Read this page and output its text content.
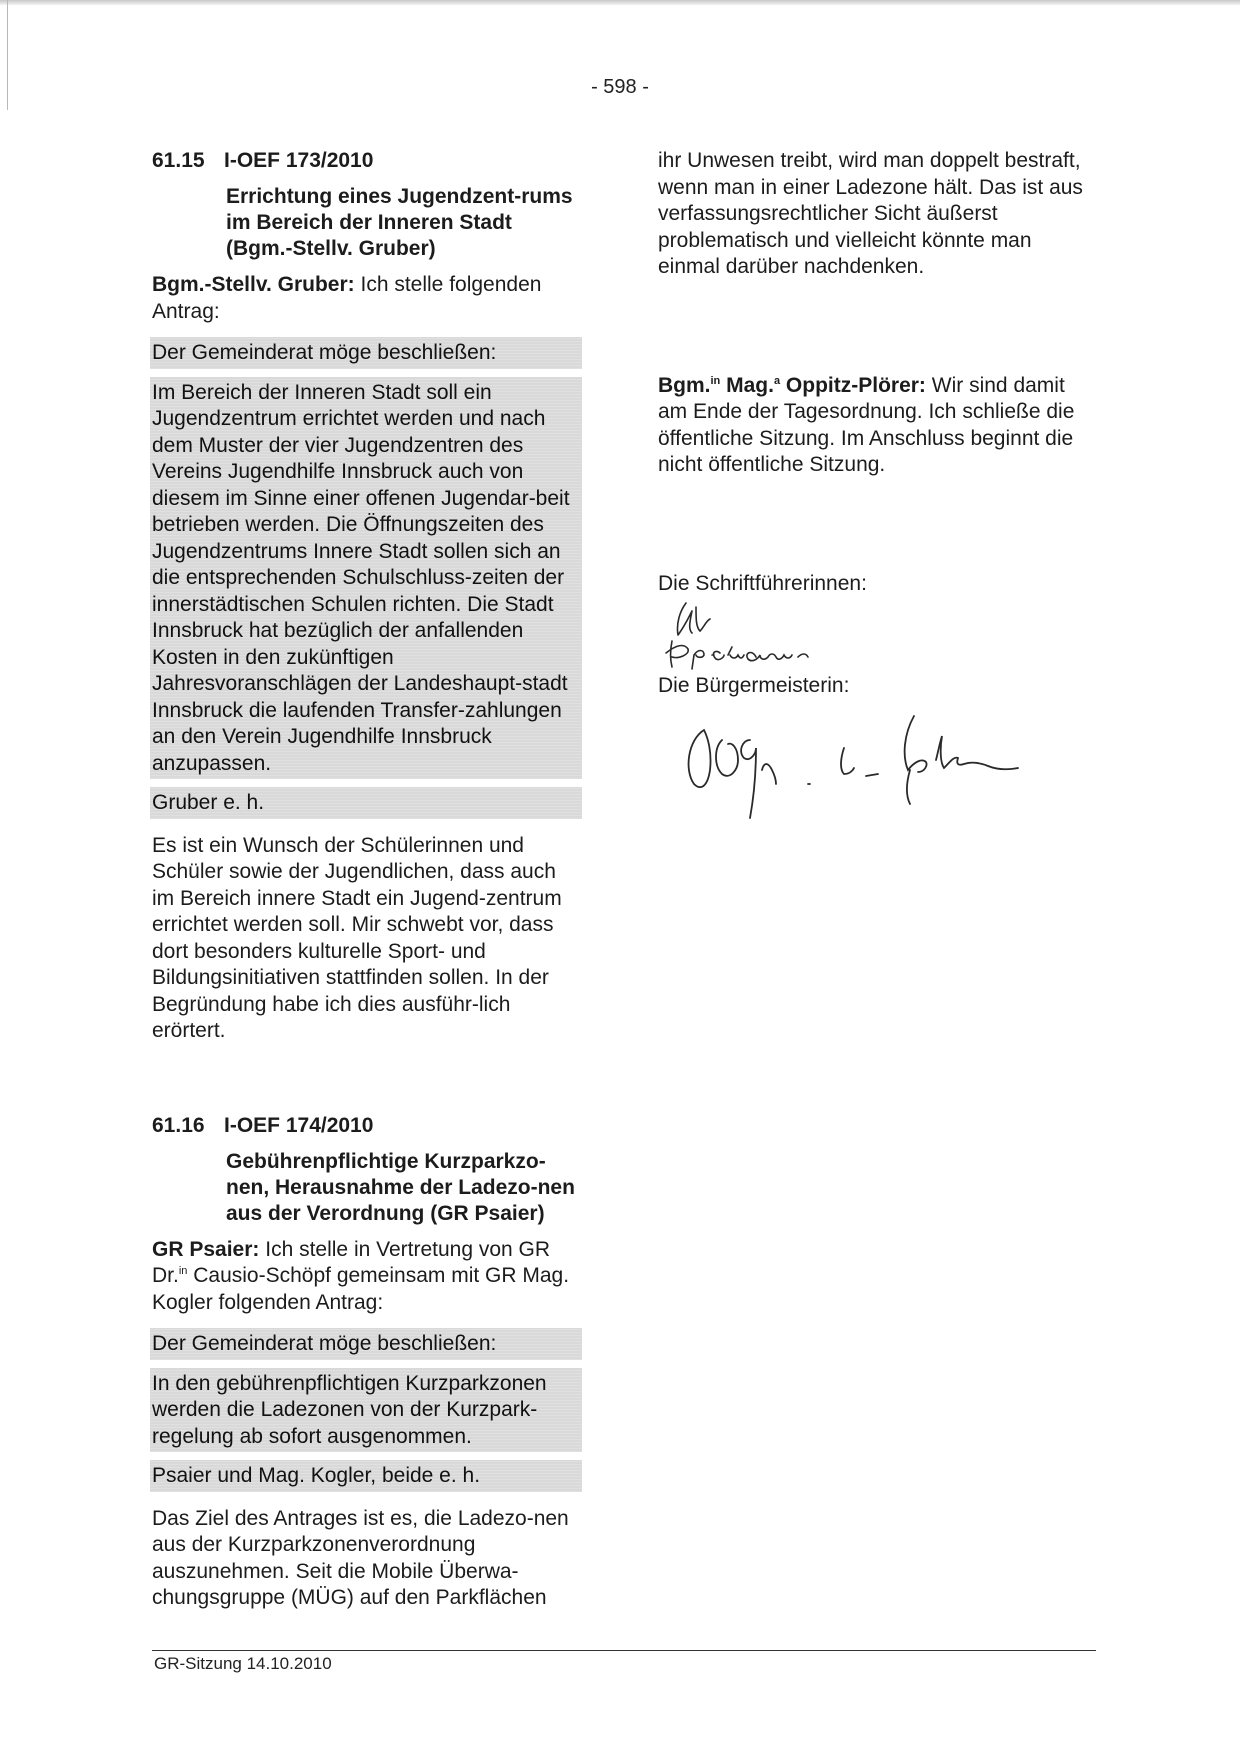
- 598 -
61.15 I-OEF 173/2010
Errichtung eines Jugendzent-rums im Bereich der Inneren Stadt (Bgm.-Stellv. Gruber)

Bgm.-Stellv. Gruber: Ich stelle folgenden Antrag:

Der Gemeinderat möge beschließen:
Im Bereich der Inneren Stadt soll ein Jugendzentrum errichtet werden und nach dem Muster der vier Jugendzentren des Vereins Jugendhilfe Innsbruck auch von diesem im Sinne einer offenen Jugendar-beit betrieben werden. Die Öffnungszeiten des Jugendzentrums Innere Stadt sollen sich an die entsprechenden Schulschluss-zeiten der innerstädtischen Schulen richten. Die Stadt Innsbruck hat bezüglich der anfallenden Kosten in den zukünftigen Jahresvoranschlägen der Landeshaupt-stadt Innsbruck die laufenden Transfer-zahlungen an den Verein Jugendhilfe Innsbruck anzupassen.
Gruber e. h.

Es ist ein Wunsch der Schülerinnen und Schüler sowie der Jugendlichen, dass auch im Bereich innere Stadt ein Jugend-zentrum errichtet werden soll. Mir schwebt vor, dass dort besonders kulturelle Sport- und Bildungsinitiativen stattfinden sollen. In der Begründung habe ich dies ausführ-lich erörtert.

61.16 I-OEF 174/2010
Gebührenpflichtige Kurzparkzo-nen, Herausnahme der Ladezo-nen aus der Verordnung (GR Psaier)

GR Psaier: Ich stelle in Vertretung von GR Dr.$^{in}$ Causio-Schöpf gemeinsam mit GR Mag. Kogler folgenden Antrag:

Der Gemeinderat möge beschließen:
In den gebührenpflichtigen Kurzparkzonen werden die Ladezonen von der Kurzpark-regelung ab sofort ausgenommen.
Psaier und Mag. Kogler, beide e. h.

Das Ziel des Antrages ist es, die Ladezo-nen aus der Kurzparkzonenverordnung auszunehmen. Seit die Mobile Überwa-chungsgruppe (MÜG) auf den Parkflächen

ihr Unwesen treibt, wird man doppelt bestraft, wenn man in einer Ladezone hält. Das ist aus verfassungsrechtlicher Sicht äußerst problematisch und vielleicht könnte man einmal darüber nachdenken.

Bgm.$^{in}$ Mag.$^a$ Oppitz-Plörer: Wir sind damit am Ende der Tagesordnung. Ich schließe die öffentliche Sitzung. Im Anschluss beginnt die nicht öffentliche Sitzung.

Die Schriftführerinnen:

Die Bürgermeisterin:

GR-Sitzung 14.10.2010
